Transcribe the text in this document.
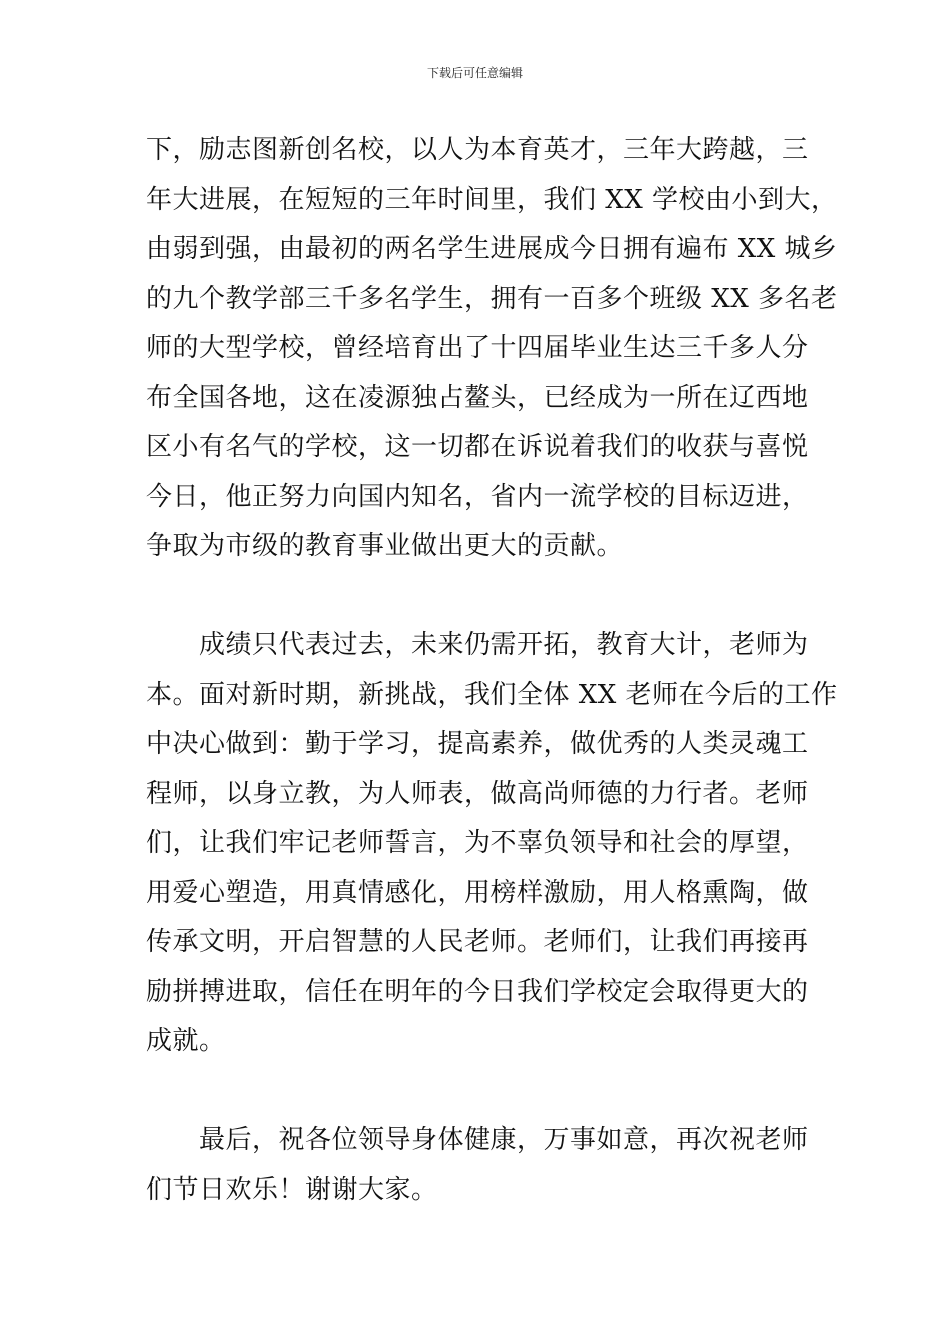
下载后可任意编辑
下，励志图新创名校，以人为本育英才，三年大跨越，三
年大进展，在短短的三年时间里，我们 XX 学校由小到大，
由弱到强，由最初的两名学生进展成今日拥有遍布 XX 城乡
的九个教学部三千多名学生，拥有一百多个班级 XX 多名老
师的大型学校，曾经培育出了十四届毕业生达三千多人分
布全国各地，这在凌源独占鳌头，已经成为一所在辽西地
区小有名气的学校，这一切都在诉说着我们的收获与喜悦
今日，他正努力向国内知名，省内一流学校的目标迈进，
争取为市级的教育事业做出更大的贡献。
　　成绩只代表过去，未来仍需开拓，教育大计，老师为
本。面对新时期，新挑战，我们全体 XX 老师在今后的工作
中决心做到：勤于学习，提高素养，做优秀的人类灵魂工
程师，以身立教，为人师表，做高尚师德的力行者。老师
们，让我们牢记老师誓言，为不辜负领导和社会的厚望，
用爱心塑造，用真情感化，用榜样激励，用人格熏陶，做
传承文明，开启智慧的人民老师。老师们，让我们再接再
励拼搏进取，信任在明年的今日我们学校定会取得更大的
成就。
　　最后，祝各位领导身体健康，万事如意，再次祝老师
们节日欢乐！谢谢大家。
